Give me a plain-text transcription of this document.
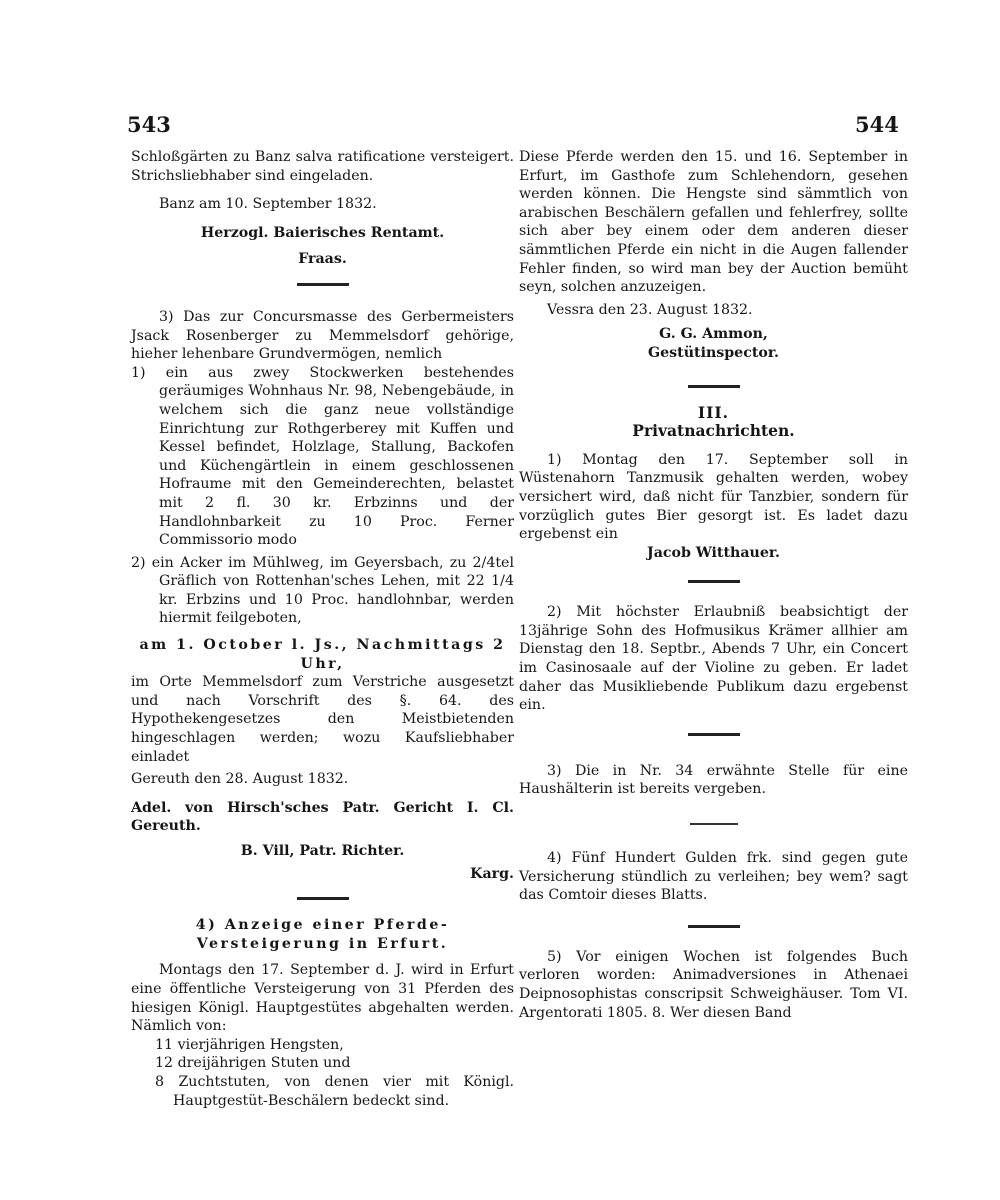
543	544

Schloßgärten zu Banz salva ratificatione versteigert. Strichsliebhaber sind eingeladen.

Banz am 10. September 1832.

Herzogl. Baierisches Rentamt.

Fraas.

3) Das zur Concursmasse des Gerbermeisters Jsack Rosenberger zu Memmelsdorf gehörige, hieher lehenbare Grundvermögen, nemlich

1) ein aus zwey Stockwerken bestehendes geräumiges Wohnhaus Nr. 98, Nebengebäude, in welchem sich die ganz neue vollständige Einrichtung zur Rothgerberey mit Kuffen und Kessel befindet, Holzlage, Stallung, Backofen und Küchengärtlein in einem geschlossenen Hofraume mit den Gemeinderechten, belastet mit 2 fl. 30 kr. Erbzinns und der Handlohnbarkeit zu 10 Proc. Ferner Commissorio modo

2) ein Acker im Mühlweg, im Geyersbach, zu 2/4tel Gräflich von Rottenhan'sches Lehen, mit 22 1/4 kr. Erbzins und 10 Proc. handlohnbar, werden hiermit feilgeboten,

am 1. October l. Js., Nachmittags 2 Uhr,

im Orte Memmelsdorf zum Verstriche ausgesetzt und nach Vorschrift des §. 64. des Hypothekengesetzes den Meistbietenden hingeschlagen werden; wozu Kaufsliebhaber einladet

Gereuth den 28. August 1832.

Adel. von Hirsch'sches Patr. Gericht I. Cl. Gereuth.

B. Vill, Patr. Richter.

Karg.

4) Anzeige einer Pferde-Versteigerung in Erfurt.

Montags den 17. September d. J. wird in Erfurt eine öffentliche Versteigerung von 31 Pferden des hiesigen Königl. Hauptgestütes abgehalten werden. Nämlich von:

11 vierjährigen Hengsten,

12 dreijährigen Stuten und

8 Zuchtstuten, von denen vier mit Königl. Hauptgestüt-Beschälern bedeckt sind.

Diese Pferde werden den 15. und 16. September in Erfurt, im Gasthofe zum Schlehendorn, gesehen werden können. Die Hengste sind sämmtlich von arabischen Beschälern gefallen und fehlerfrey, sollte sich aber bey einem oder dem anderen dieser sämmtlichen Pferde ein nicht in die Augen fallender Fehler finden, so wird man bey der Auction bemüht seyn, solchen anzuzeigen.

Vessra den 23. August 1832.

G. G. Ammon,

Gestütinspector.

III.

Privatnachrichten.

1) Montag den 17. September soll in Wüstenahorn Tanzmusik gehalten werden, wobey versichert wird, daß nicht für Tanzbier, sondern für vorzüglich gutes Bier gesorgt ist. Es ladet dazu ergebenst ein

Jacob Witthauer.

2) Mit höchster Erlaubniß beabsichtigt der 13jährige Sohn des Hofmusikus Krämer allhier am Dienstag den 18. Septbr., Abends 7 Uhr, ein Concert im Casinosaale auf der Violine zu geben. Er ladet daher das Musikliebende Publikum dazu ergebenst ein.

3) Die in Nr. 34 erwähnte Stelle für eine Haushälterin ist bereits vergeben.

4) Fünf Hundert Gulden frk. sind gegen gute Versicherung stündlich zu verleihen; bey wem? sagt das Comtoir dieses Blatts.

5) Vor einigen Wochen ist folgendes Buch verloren worden: Animadversiones in Athenaei Deipnosophistas conscripsit Schweighäuser. Tom VI. Argentorati 1805. 8. Wer diesen Band
